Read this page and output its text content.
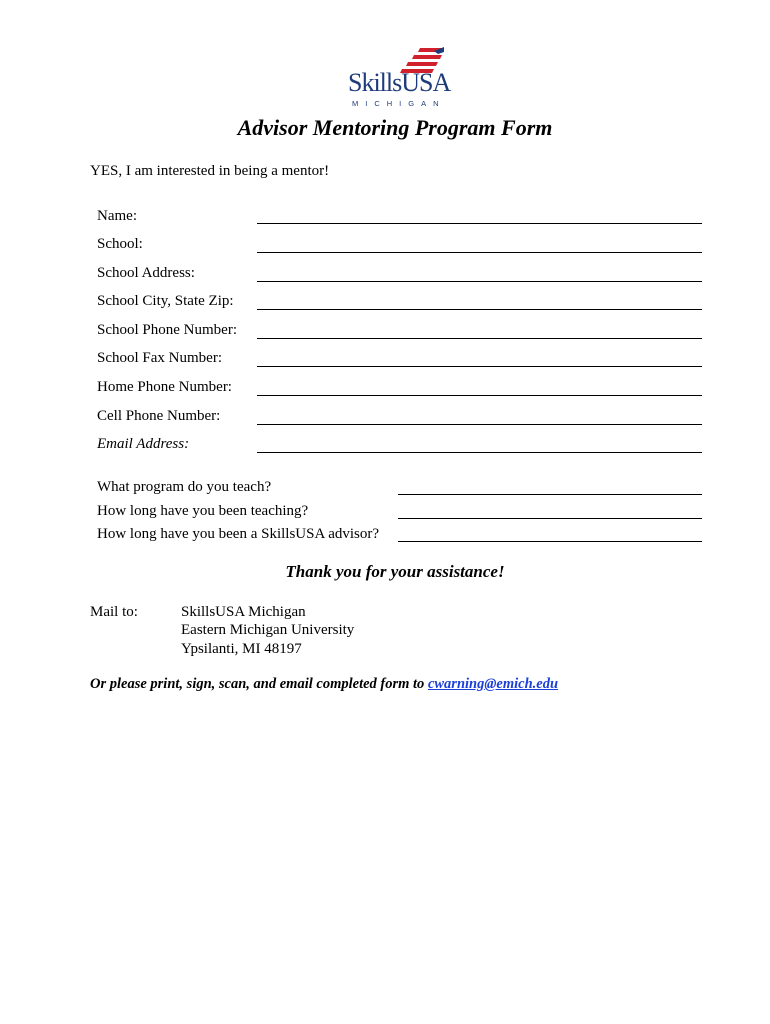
SkillsUSA
MICHIGAN
Advisor Mentoring Program Form
YES, I am interested in being a mentor!
Name:
School:
School Address:
School City, State Zip:
School Phone Number:
School Fax Number:
Home Phone Number:
Cell Phone Number:
Email Address:
What program do you teach?
How long have you been teaching?
How long have you been a SkillsUSA advisor?
Thank you for your assistance!
Mail to:	SkillsUSA Michigan
Eastern Michigan University
Ypsilanti, MI 48197
Or please print, sign, scan, and email completed form to cwarning@emich.edu
